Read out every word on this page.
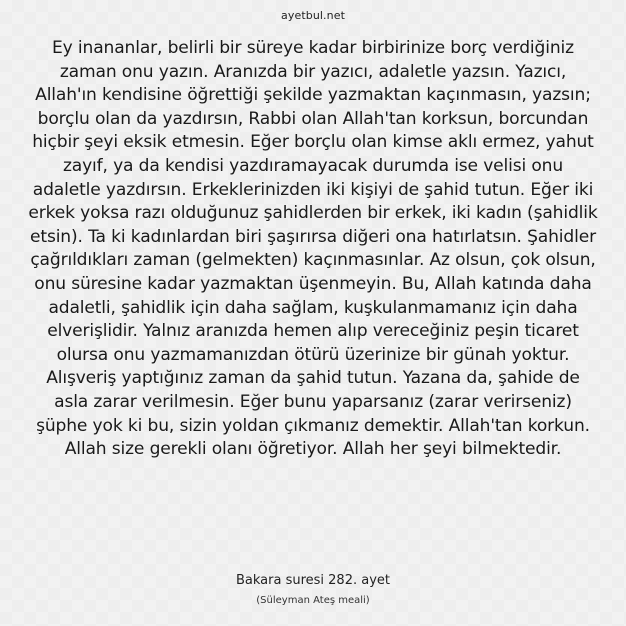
ayetbul.net

Ey inananlar, belirli bir süreye kadar birbirinize borç verdiğiniz zaman onu yazın. Aranızda bir yazıcı, adaletle yazsın. Yazıcı, Allah'ın kendisine öğrettiği şekilde yazmaktan kaçınmasın, yazsın; borçlu olan da yazdırsın, Rabbi olan Allah'tan korksun, borcundan hiçbir şeyi eksik etmesin. Eğer borçlu olan kimse aklı ermez, yahut zayıf, ya da kendisi yazdıramayacak durumda ise velisi onu adaletle yazdırsın. Erkeklerinizden iki kişiyi de şahid tutun. Eğer iki erkek yoksa razı olduğunuz şahidlerden bir erkek, iki kadın (şahidlik etsin). Ta ki kadınlardan biri şaşırırsa diğeri ona hatırlatsın. Şahidler çağrıldıkları zaman (gelmekten) kaçınmasınlar. Az olsun, çok olsun, onu süresine kadar yazmaktan üşenmeyin. Bu, Allah katında daha adaletli, şahidlik için daha sağlam, kuşkulanmamanız için daha elverişlidir. Yalnız aranızda hemen alıp vereceğiniz peşin ticaret olursa onu yazmamanızdan ötürü üzerinize bir günah yoktur. Alışveriş yaptığınız zaman da şahid tutun. Yazana da, şahide de asla zarar verilmesin. Eğer bunu yaparsanız (zarar verirseniz) şüphe yok ki bu, sizin yoldan çıkmanız demektir. Allah'tan korkun. Allah size gerekli olanı öğretiyor. Allah her şeyi bilmektedir.

Bakara suresi 282. ayet
(Süleyman Ateş meali)
